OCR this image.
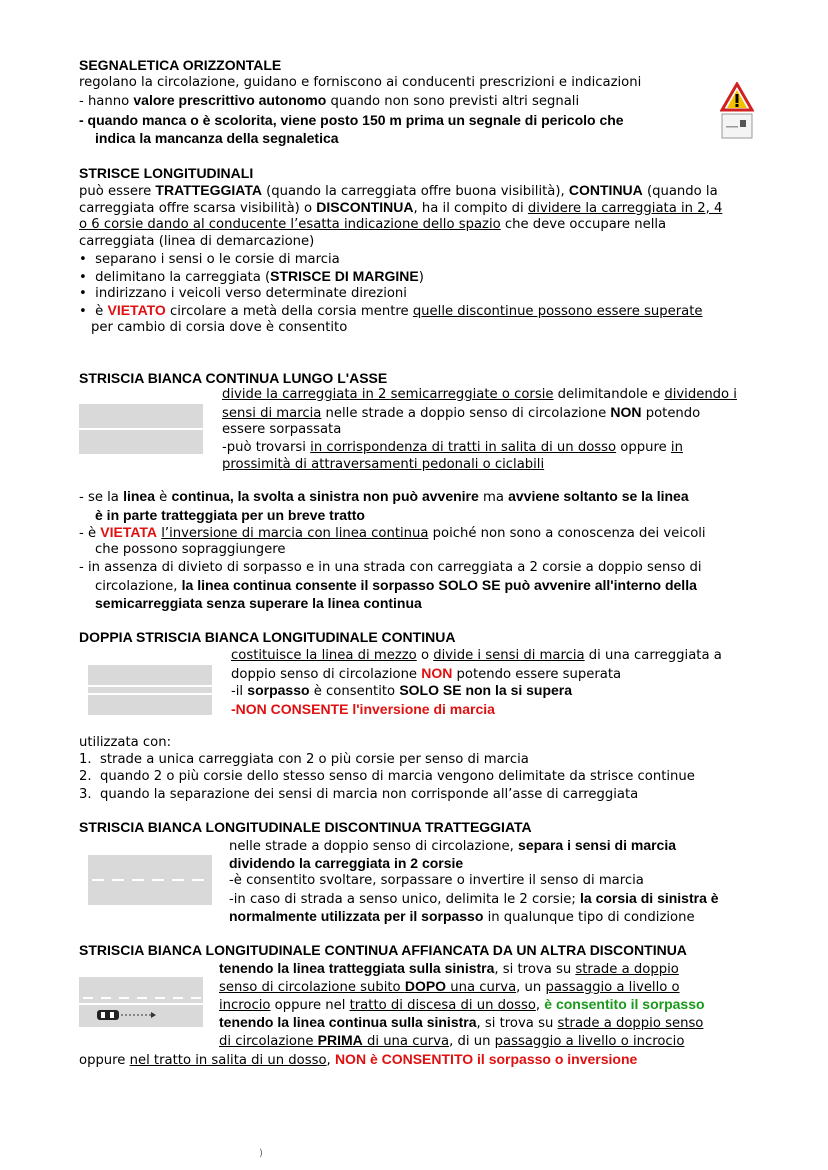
SEGNALETICA ORIZZONTALE
regolano la circolazione, guidano e forniscono ai conducenti prescrizioni e indicazioni
- hanno valore prescrittivo autonomo quando non sono previsti altri segnali
- quando manca o è scolorita, viene posto 150 m prima un segnale di pericolo che
indica la mancanza della segnaletica
STRISCE LONGITUDINALI
può essere TRATTEGGIATA (quando la carreggiata offre buona visibilità), CONTINUA (quando la
carreggiata offre scarsa visibilità) o DISCONTINUA, ha il compito di dividere la carreggiata in 2, 4
o 6 corsie dando al conducente l’esatta indicazione dello spazio che deve occupare nella
carreggiata (linea di demarcazione)
• separano i sensi o le corsie di marcia
• delimitano la carreggiata (STRISCE DI MARGINE)
• indirizzano i veicoli verso determinate direzioni
• è VIETATO circolare a metà della corsia mentre quelle discontinue possono essere superate
per cambio di corsia dove è consentito
STRISCIA BIANCA CONTINUA LUNGO L'ASSE
divide la carreggiata in 2 semicarreggiate o corsie delimitandole e dividendo i
sensi di marcia nelle strade a doppio senso di circolazione NON potendo
essere sorpassata
-può trovarsi in corrispondenza di tratti in salita di un dosso oppure in
prossimità di attraversamenti pedonali o ciclabili
- se la linea è continua, la svolta a sinistra non può avvenire ma avviene soltanto se la linea
è in parte tratteggiata per un breve tratto
- è VIETATA l’inversione di marcia con linea continua poiché non sono a conoscenza dei veicoli
che possono sopraggiungere
- in assenza di divieto di sorpasso e in una strada con carreggiata a 2 corsie a doppio senso di
circolazione, la linea continua consente il sorpasso SOLO SE può avvenire all'interno della
semicarreggiata senza superare la linea continua
DOPPIA STRISCIA BIANCA LONGITUDINALE CONTINUA
costituisce la linea di mezzo o divide i sensi di marcia di una carreggiata a
doppio senso di circolazione NON potendo essere superata
-il sorpasso è consentito SOLO SE non la si supera
-NON CONSENTE l'inversione di marcia
utilizzata con:
1. strade a unica carreggiata con 2 o più corsie per senso di marcia
2. quando 2 o più corsie dello stesso senso di marcia vengono delimitate da strisce continue
3. quando la separazione dei sensi di marcia non corrisponde all’asse di carreggiata
STRISCIA BIANCA LONGITUDINALE DISCONTINUA TRATTEGGIATA
nelle strade a doppio senso di circolazione, separa i sensi di marcia
dividendo la carreggiata in 2 corsie
-è consentito svoltare, sorpassare o invertire il senso di marcia
-in caso di strada a senso unico, delimita le 2 corsie; la corsia di sinistra è
normalmente utilizzata per il sorpasso in qualunque tipo di condizione
STRISCIA BIANCA LONGITUDINALE CONTINUA AFFIANCATA DA UN ALTRA DISCONTINUA
tenendo la linea tratteggiata sulla sinistra, si trova su strade a doppio
senso di circolazione subito DOPO una curva, un passaggio a livello o
incrocio oppure nel tratto di discesa di un dosso, è consentito il sorpasso
tenendo la linea continua sulla sinistra, si trova su strade a doppio senso
di circolazione PRIMA di una curva, di un passaggio a livello o incrocio
oppure nel tratto in salita di un dosso, NON è CONSENTITO il sorpasso o inversione
)
